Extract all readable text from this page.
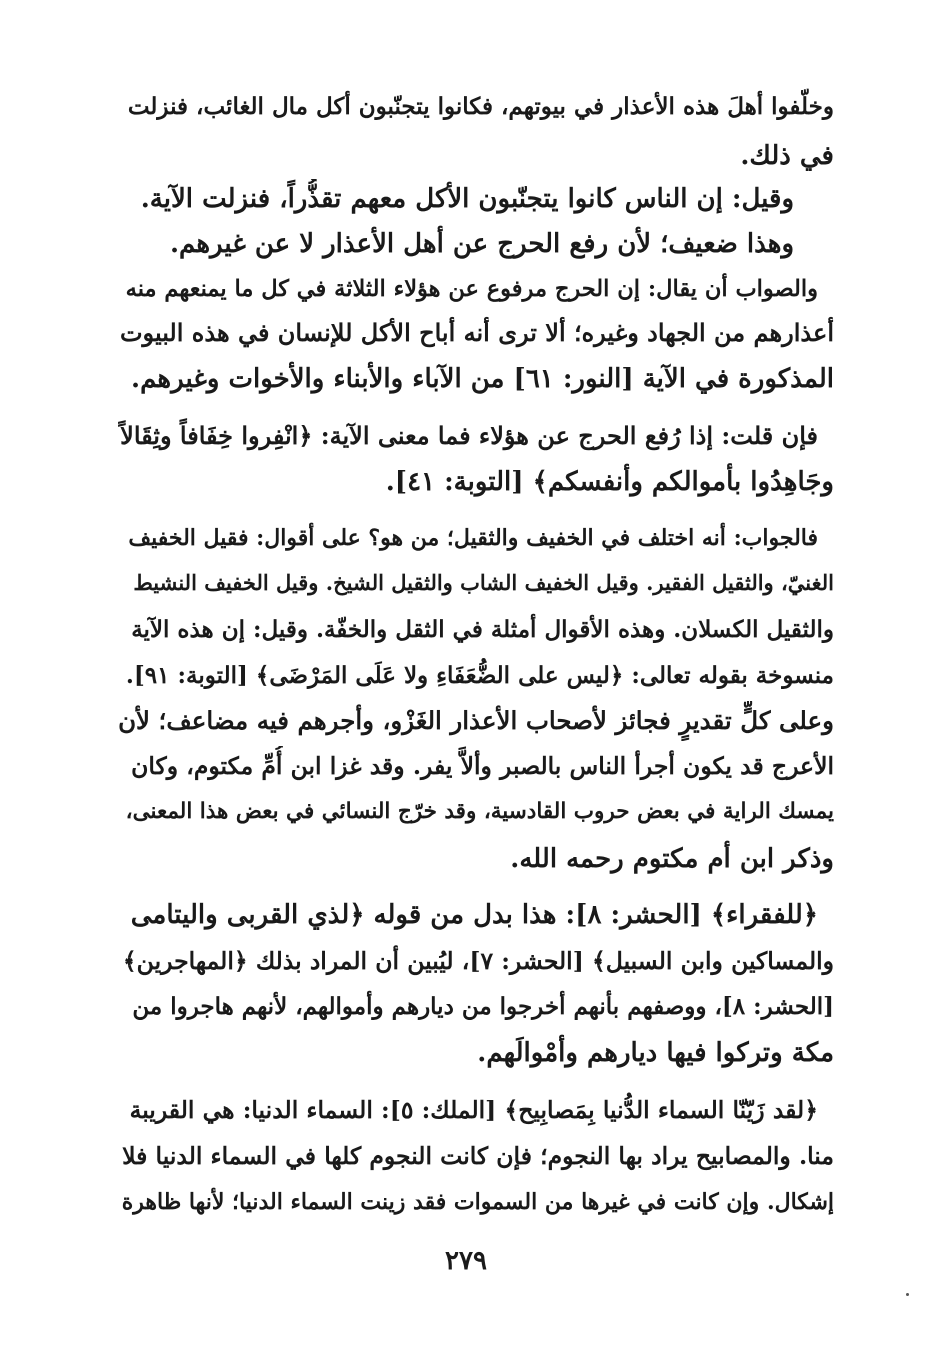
وخلّفوا أهلَ هذه الأعذار في بيوتهم، فكانوا يتجنّبون أكل مال الغائب، فنزلت
في ذلك.
وقيل: إن الناس كانوا يتجنّبون الأكل معهم تقذُّراً، فنزلت الآية.
وهذا ضعيف؛ لأن رفع الحرج عن أهل الأعذار لا عن غيرهم.
والصواب أن يقال: إن الحرج مرفوع عن هؤلاء الثلاثة في كل ما يمنعهم منه
أعذارهم من الجهاد وغيره؛ ألا ترى أنه أباح الأكل للإنسان في هذه البيوت
المذكورة في الآية [النور: ٦١] من الآباء والأبناء والأخوات وغيرهم.
فإن قلت: إذا رُفع الحرج عن هؤلاء فما معنى الآية: ﴿انْفِروا خِفَافاً وثِقَالاً
وجَاهِدُوا بأموالكم وأنفسكم﴾ [التوبة: ٤١].
فالجواب: أنه اختلف في الخفيف والثقيل؛ من هو؟ على أقوال: فقيل الخفيف
الغنيّ، والثقيل الفقير. وقيل الخفيف الشاب والثقيل الشيخ. وقيل الخفيف النشيط
والثقيل الكسلان. وهذه الأقوال أمثلة في الثقل والخفّة. وقيل: إن هذه الآية
منسوخة بقوله تعالى: ﴿ليس على الضُّعَفَاءِ ولا عَلَى المَرْضَى﴾ [التوبة: ٩١].
وعلى كلٍّ تقديرٍ فجائز لأصحاب الأعذار الغَزْو، وأجرهم فيه مضاعف؛ لأن
الأعرج قد يكون أجرأ الناس بالصبر وألاَّ يفر. وقد غزا ابن أُمِّ مكتوم، وكان
يمسك الراية في بعض حروب القادسية، وقد خرّج النسائي في بعض هذا المعنى،
وذكر ابن أم مكتوم رحمه الله.
﴿للفقراء﴾ [الحشر: ٨]: هذا بدل من قوله ﴿لذي القربى واليتامى
والمساكين وابن السبيل﴾ [الحشر: ٧]، ليُبين أن المراد بذلك ﴿المهاجرين﴾
[الحشر: ٨]، ووصفهم بأنهم أخرجوا من ديارهم وأموالهم، لأنهم هاجروا من
مكة وتركوا فيها ديارهم وأمْوالَهم.
﴿لقد زَيّنّا السماء الدُّنيا بِمَصابِيح﴾ [الملك: ٥]: السماء الدنيا: هي القريبة
منا. والمصابيح يراد بها النجوم؛ فإن كانت النجوم كلها في السماء الدنيا فلا
إشكال. وإن كانت في غيرها من السموات فقد زينت السماء الدنيا؛ لأنها ظاهرة
٢٧٩
